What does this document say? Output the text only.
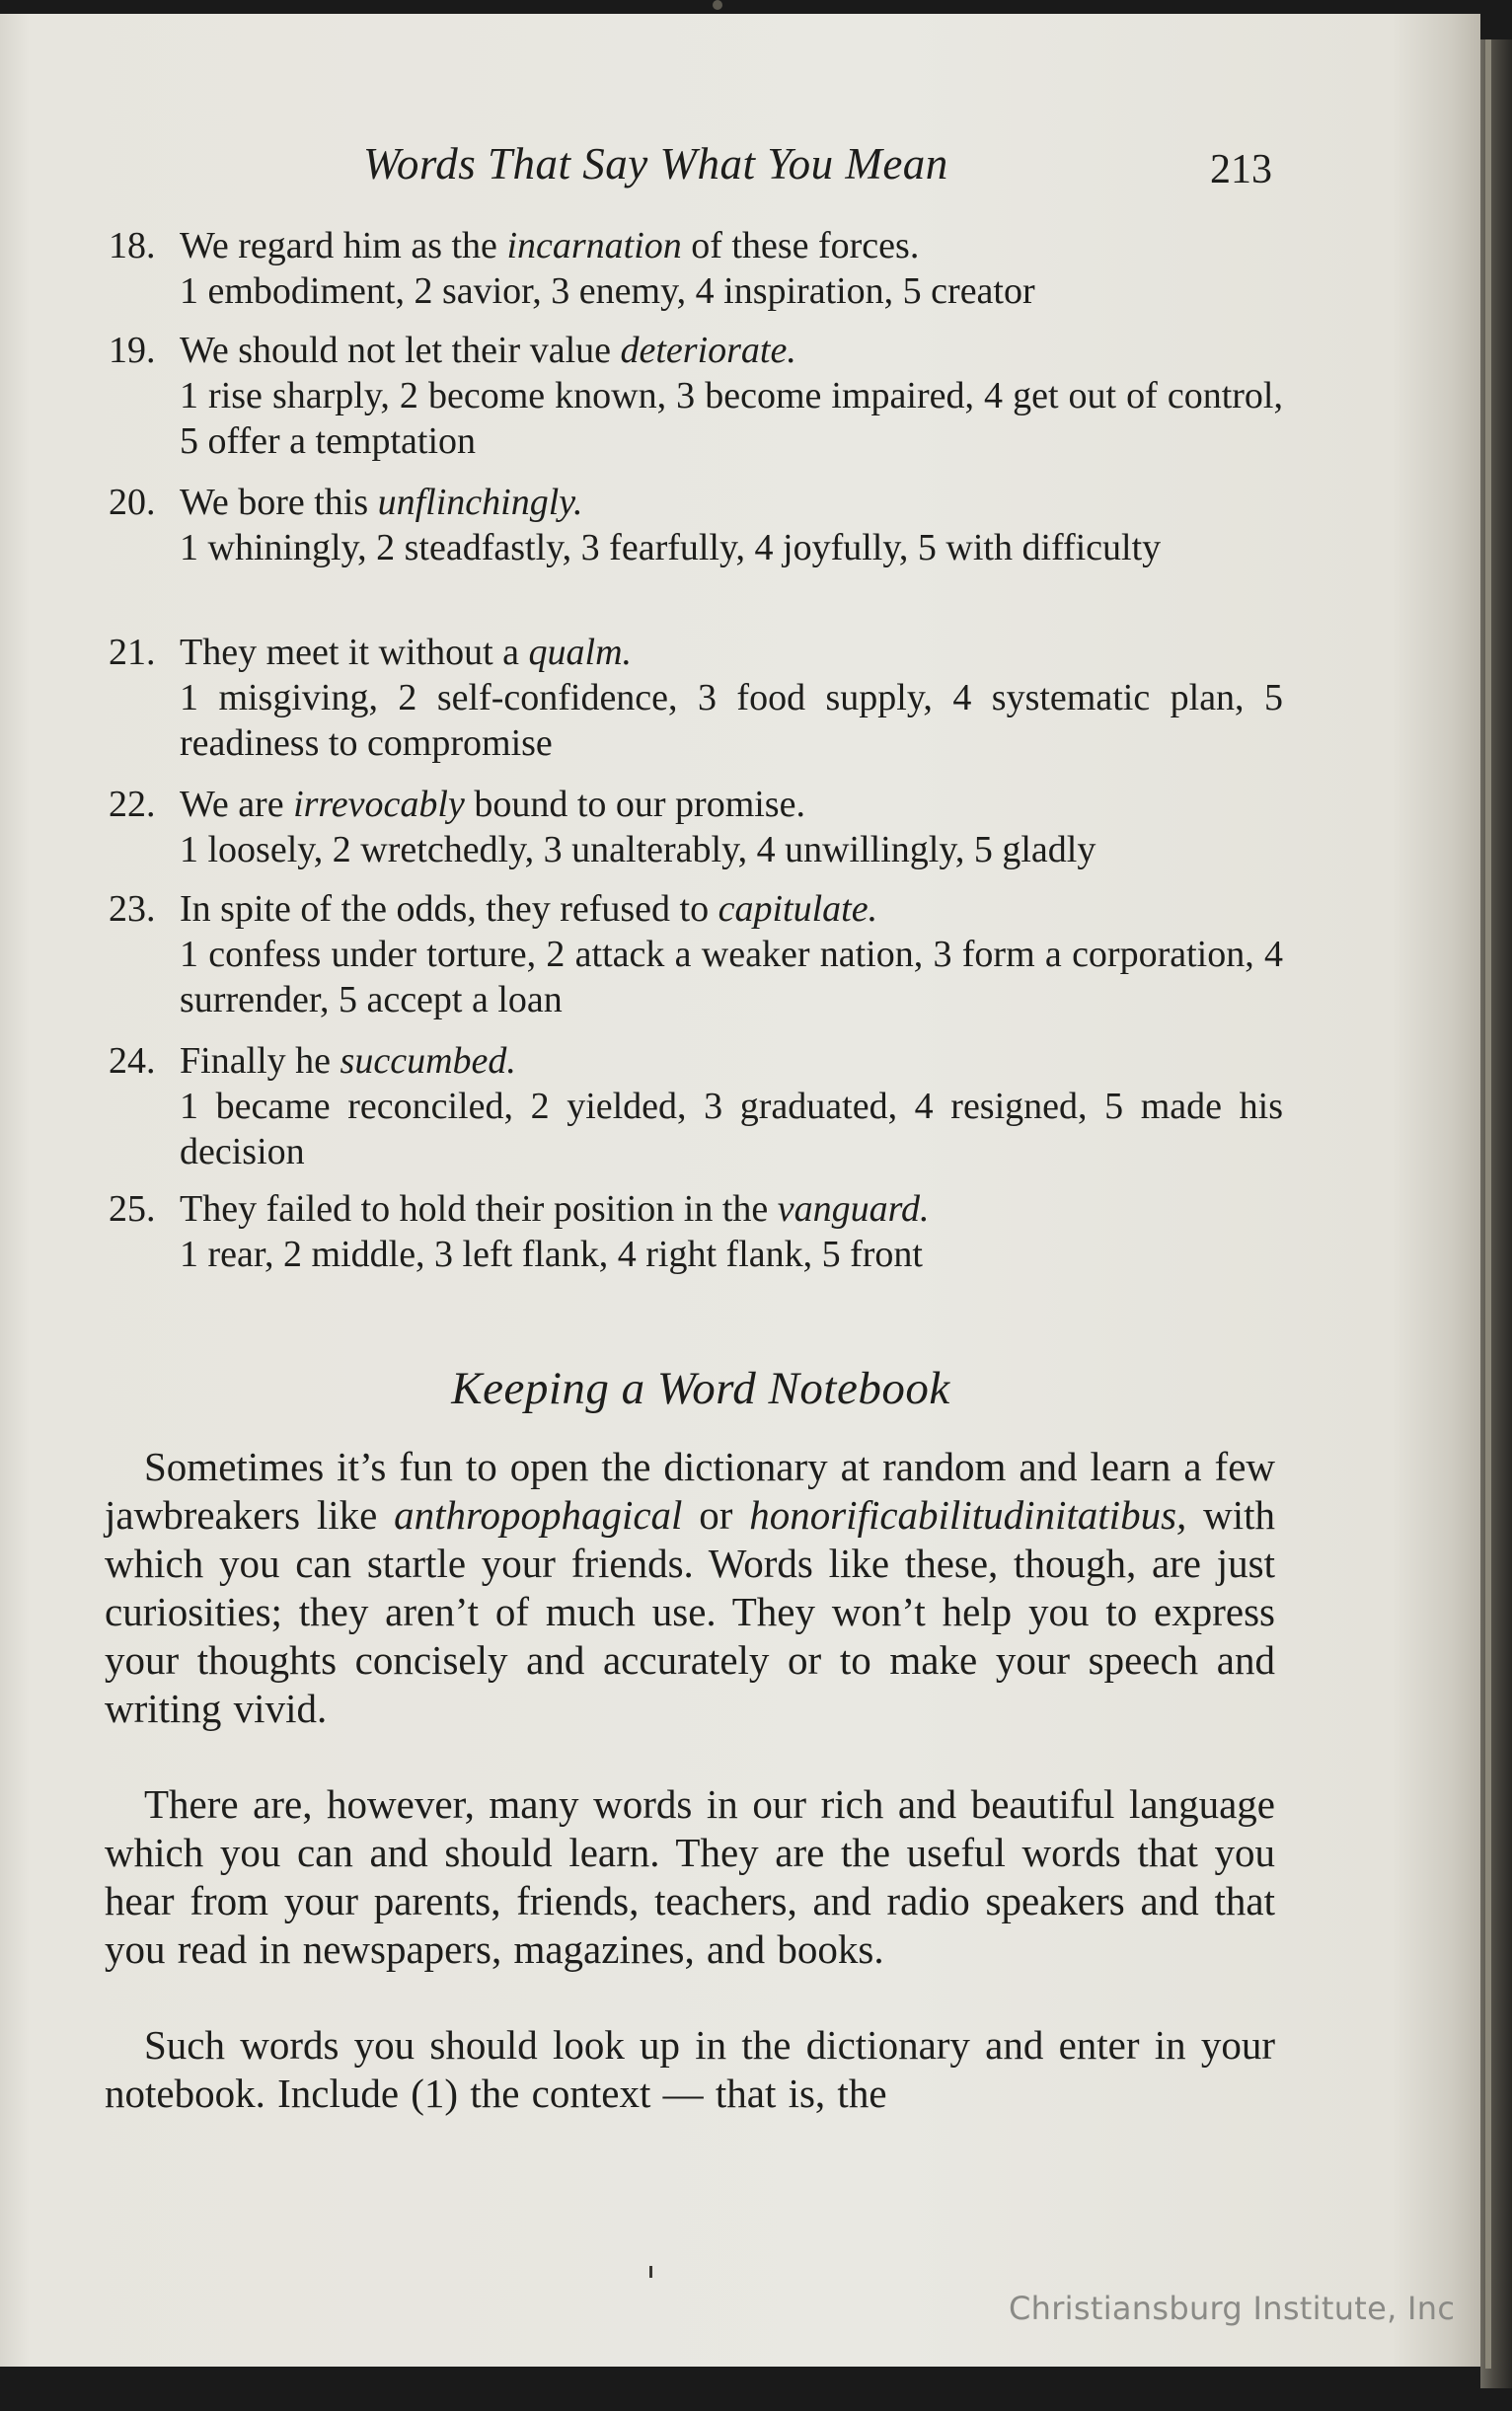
Words That Say What You Mean	213
18. We regard him as the incarnation of these forces.
1 embodiment, 2 savior, 3 enemy, 4 inspiration, 5 creator
19. We should not let their value deteriorate.
1 rise sharply, 2 become known, 3 become impaired, 4 get out of control, 5 offer a temptation
20. We bore this unflinchingly.
1 whiningly, 2 steadfastly, 3 fearfully, 4 joyfully, 5 with difficulty
21. They meet it without a qualm.
1 misgiving, 2 self-confidence, 3 food supply, 4 systematic plan, 5 readiness to compromise
22. We are irrevocably bound to our promise.
1 loosely, 2 wretchedly, 3 unalterably, 4 unwillingly, 5 gladly
23. In spite of the odds, they refused to capitulate.
1 confess under torture, 2 attack a weaker nation, 3 form a corporation, 4 surrender, 5 accept a loan
24. Finally he succumbed.
1 became reconciled, 2 yielded, 3 graduated, 4 resigned, 5 made his decision
25. They failed to hold their position in the vanguard.
1 rear, 2 middle, 3 left flank, 4 right flank, 5 front
Keeping a Word Notebook
Sometimes it’s fun to open the dictionary at random and learn a few jawbreakers like anthropophagical or honorificabilitudinitatibus, with which you can startle your friends. Words like these, though, are just curiosities; they aren’t of much use. They won’t help you to express your thoughts concisely and accurately or to make your speech and writing vivid.
There are, however, many words in our rich and beautiful language which you can and should learn. They are the useful words that you hear from your parents, friends, teachers, and radio speakers and that you read in newspapers, magazines, and books.
Such words you should look up in the dictionary and enter in your notebook. Include (1) the context — that is, the
Christiansburg Institute, Inc
